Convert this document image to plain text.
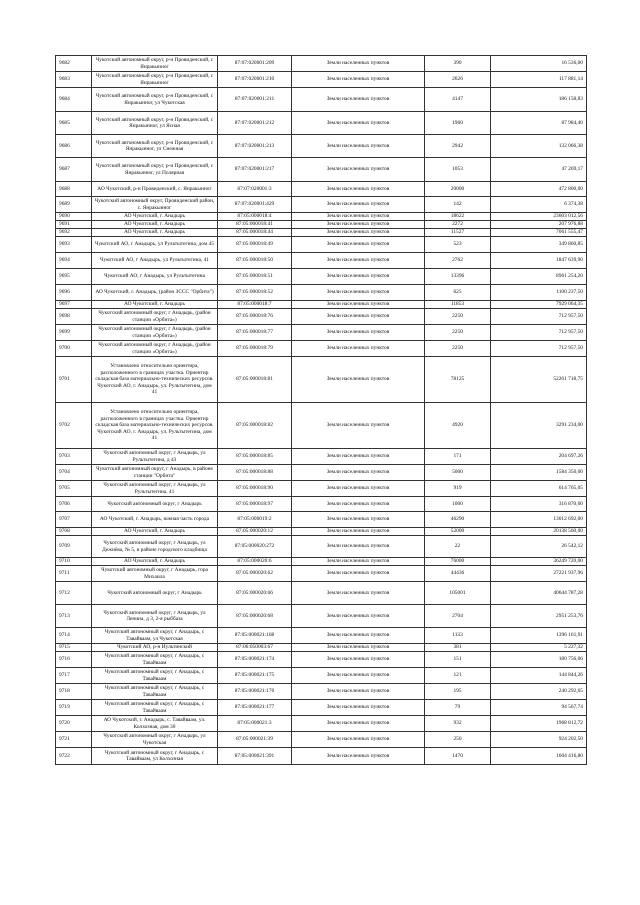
9682	Чукотский автономный округ, р-н Провиденский, с Янракынног	87:07:020001:209	Земли населенных пунктов	390	16 536,00
9683	Чукотский автономный округ, р-н Провиденский, с Янракынног	87:07:020001:210	Земли населенных пунктов	2626	117 881,14
9684	Чукотский автономный округ, р-н Провиденский, с Янракынног, ул Чукотская	87:07:020001:211	Земли населенных пунктов	4147	186 158,83
9685	Чукотский автономный округ, р-н Провиденский, с Янракынног, ул Ясная	87:07:020001:212	Земли населенных пунктов	1960	87 984,40
9686	Чукотский автономный округ, р-н Провиденский, с Янракынног, ул Снежная	87:07:020001:213	Земли населенных пунктов	2942	132 066,38
9687	Чукотский автономный округ, р-н Провиденский, с Янракынног, ул Полярная	87:07:020001:217	Земли населенных пунктов	1053	47 269,17
9688	АО Чукотский, р-н Провиденский, с. Янракынног	87:07:020001:3	Земли населенных пунктов	20000	472 800,00
9689	Чукотский автономный округ, Провиденский район, с. Янракынног	87:07:020001:429	Земли населенных пунктов	142	6 374,38
9690	АО Чукотский, г. Анадырь	87:05:000018:4	Земли населенных пунктов	18622	23603 012,56
9691	АО Чукотский, г. Анадырь	87:05:000018:41	Земли населенных пунктов	2272	207 976,88
9692	АО Чукотский, г. Анадырь	87:05:000018:44	Земли населенных пунктов	11527	7061 555,47
9693	Чукотский АО, г Анадырь, ул Рультытегина, дом 45	87:05:000018:49	Земли населенных пунктов	523	349 860,85
9694	Чукотский АО, г Анадырь, ул Рультытегина, 41	87:05:000018:50	Земли населенных пунктов	2762	1847 639,90
9695	Чукотский АО, г Анадырь, ул Рультытегина	87:05:000018:51	Земли населенных пунктов	13396	8961 254,20
9696	АО Чукотский, г. Анадырь, (район ЗССС "Орбита")	87:05:000018:52	Земли населенных пунктов	625	1100 237,50
9697	АО Чукотский, г. Анадырь	87:05:000018:7	Земли населенных пунктов	11853	7929 064,35
9698	Чукотский автономный округ, г Анадырь, (район станции «Орбита»)	87:05:000018:76	Земли населенных пунктов	2250	712 957,50
9699	Чукотский автономный округ, г Анадырь, (район станции «Орбита»)	87:05:000018:77	Земли населенных пунктов	2250	712 957,50
9700	Чукотский автономный округ, г Анадырь, (район станции «Орбита»)	87:05:000018:79	Земли населенных пунктов	2250	712 957,50
9701	Установлено относительно ориентира, расположенного в границах участка. Ориентир складская база материально-технических ресурсов. Чукотский АО, г. Анадырь, ул. Рультытегина, дом 41	87:05:000018:81	Земли населенных пунктов	78125	52261 718,75
9702	Установлено относительно ориентира, расположенного в границах участка. Ориентир складская база материально-технических ресурсов. Чукотский АО, г. Анадырь, ул. Рультытегина, дом 41	87:05:000018:82	Земли населенных пунктов	4920	3291 234,00
9703	Чукотский автономный округ, г Анадырь, ул Рультытегина, д 43	87:05:000018:85	Земли населенных пунктов	171	204 697,26
9704	Чукотский автономный округ, г Анадырь, в районе станции "Орбита"	87:05:000018:88	Земли населенных пунктов	5000	1584 350,00
9705	Чукотский автономный округ, г Анадырь, ул Рультытегина, 41	87:05:000018:90	Земли населенных пунктов	919	614 765,05
9706	Чукотский автономный округ, г Анадырь	87:05:000018:97	Земли населенных пунктов	1000	316 870,00
9707	АО Чукотский, г. Анадырь, южная часть города	87:05:000019:2	Земли населенных пунктов	46290	13012 692,00
9708	АО Чукотский, г. Анадырь	87:05:000020:12	Земли населенных пунктов	52000	20138 560,00
9709	Чукотский автономный округ, г Анадырь, ул Дежнёва, № 5, в районе городского кладбища	87:05:000020:272	Земли населенных пунктов	22	26 542,12
9710	АО Чукотский, г. Анадырь	87:05:000020:6	Земли населенных пунктов	76000	36249 720,00
9711	Чукотский автономный округ, г Анадырь, гора Михаила	87:05:000020:62	Земли населенных пунктов	44436	27221 937,96
9712	Чукотский автономный округ, г Анадырь	87:05:000020:66	Земли населенных пунктов	105001	40644 787,28
9713	Чукотский автономный округ, г Анадырь, ул Ленина, д 3, 2-я рыббаза	87:05:000020:68	Земли населенных пунктов	2704	2951 253,76
9714	Чукотский автономный округ, г Анадырь, с Тавайваам, ул Чукотская	87:05:000021:168	Земли населенных пунктов	1133	1396 161,91
9715	Чукотский АО, р-н Иультинский	87:06:050003:67	Земли населенных пунктов	381	5 227,32
9716	Чукотский автономный округ, г Анадырь, с Тавайваам	87:05:000021:174	Земли населенных пунктов	151	180 756,06
9717	Чукотский автономный округ, г Анадырь, с Тавайваам	87:05:000021:175	Земли населенных пунктов	121	144 844,26
9718	Чукотский автономный округ, г Анадырь, с Тавайваам	87:05:000021:176	Земли населенных пунктов	195	240 292,65
9719	Чукотский автономный округ, г Анадырь, с Тавайваам	87:05:000021:177	Земли населенных пунктов	79	94 567,74
9720	АО Чукотский, г. Анадырь, с. Тавайваам, ул. Колхозная, дом 30	87:05:000021:3	Земли населенных пунктов	932	1968 812,72
9721	Чукотский автономный округ, г Анадырь, ул Чукотская	87:05:000021:39	Земли населенных пунктов	250	924 202,50
9722	Чукотский автономный округ, г Анадырь, с Тавайваам, ул Колхозная	87:05:000021:391	Земли населенных пунктов	1470	1604 416,80
